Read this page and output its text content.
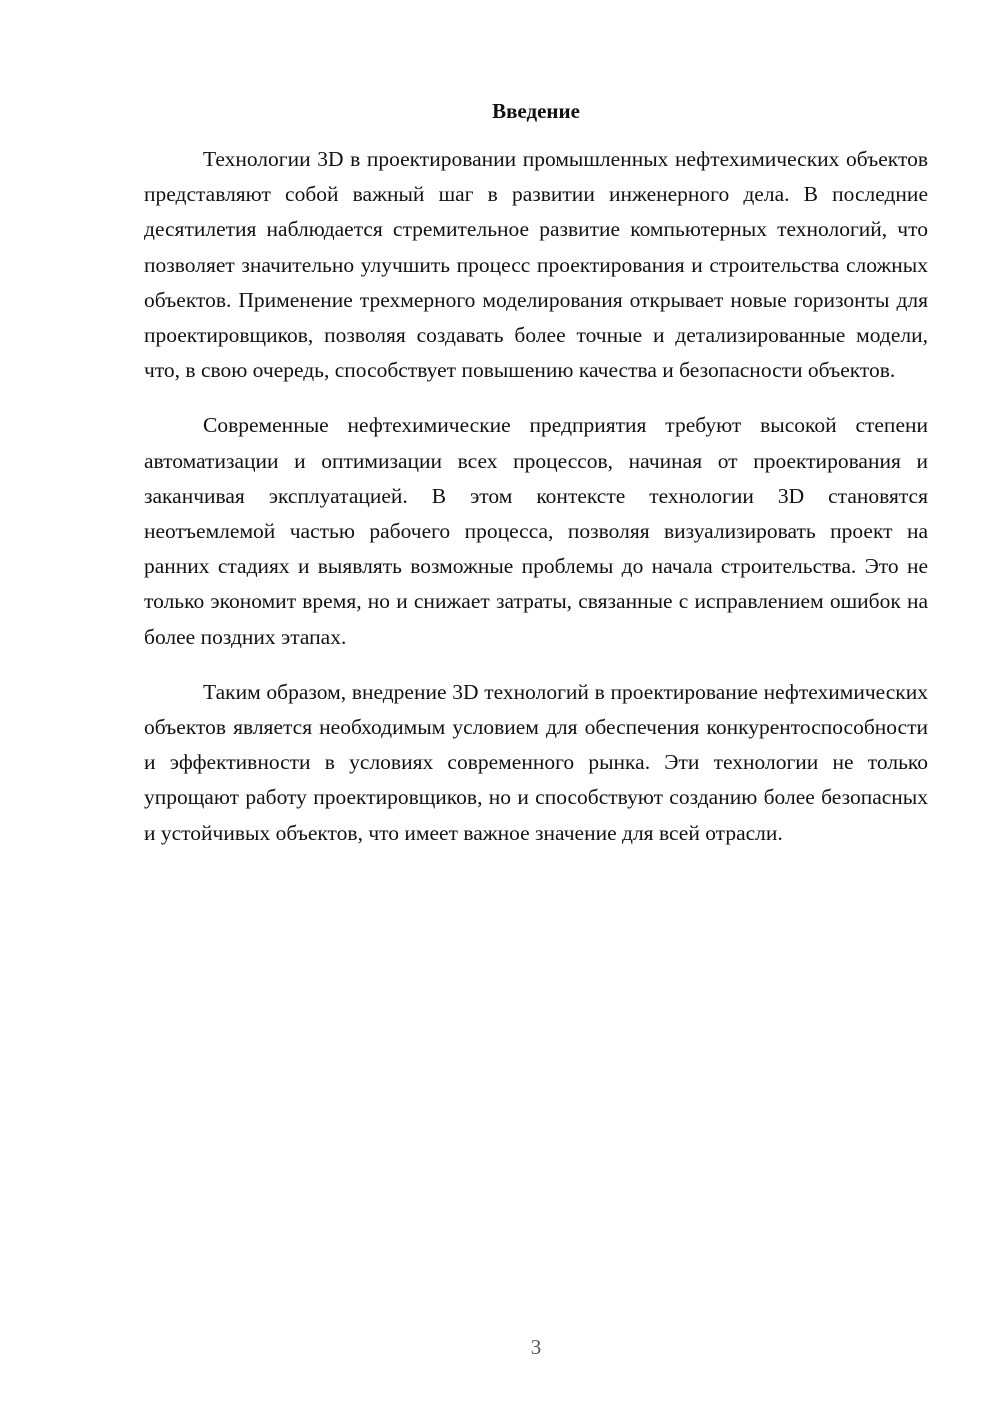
Введение

Технологии 3D в проектировании промышленных нефтехимических объектов представляют собой важный шаг в развитии инженерного дела. В последние десятилетия наблюдается стремительное развитие компьютерных технологий, что позволяет значительно улучшить процесс проектирования и строительства сложных объектов. Применение трехмерного моделирования открывает новые горизонты для проектировщиков, позволяя создавать более точные и детализированные модели, что, в свою очередь, способствует повышению качества и безопасности объектов.

Современные нефтехимические предприятия требуют высокой степени автоматизации и оптимизации всех процессов, начиная от проектирования и заканчивая эксплуатацией. В этом контексте технологии 3D становятся неотъемлемой частью рабочего процесса, позволяя визуализировать проект на ранних стадиях и выявлять возможные проблемы до начала строительства. Это не только экономит время, но и снижает затраты, связанные с исправлением ошибок на более поздних этапах.

Таким образом, внедрение 3D технологий в проектирование нефтехимических объектов является необходимым условием для обеспечения конкурентоспособности и эффективности в условиях современного рынка. Эти технологии не только упрощают работу проектировщиков, но и способствуют созданию более безопасных и устойчивых объектов, что имеет важное значение для всей отрасли.

3
